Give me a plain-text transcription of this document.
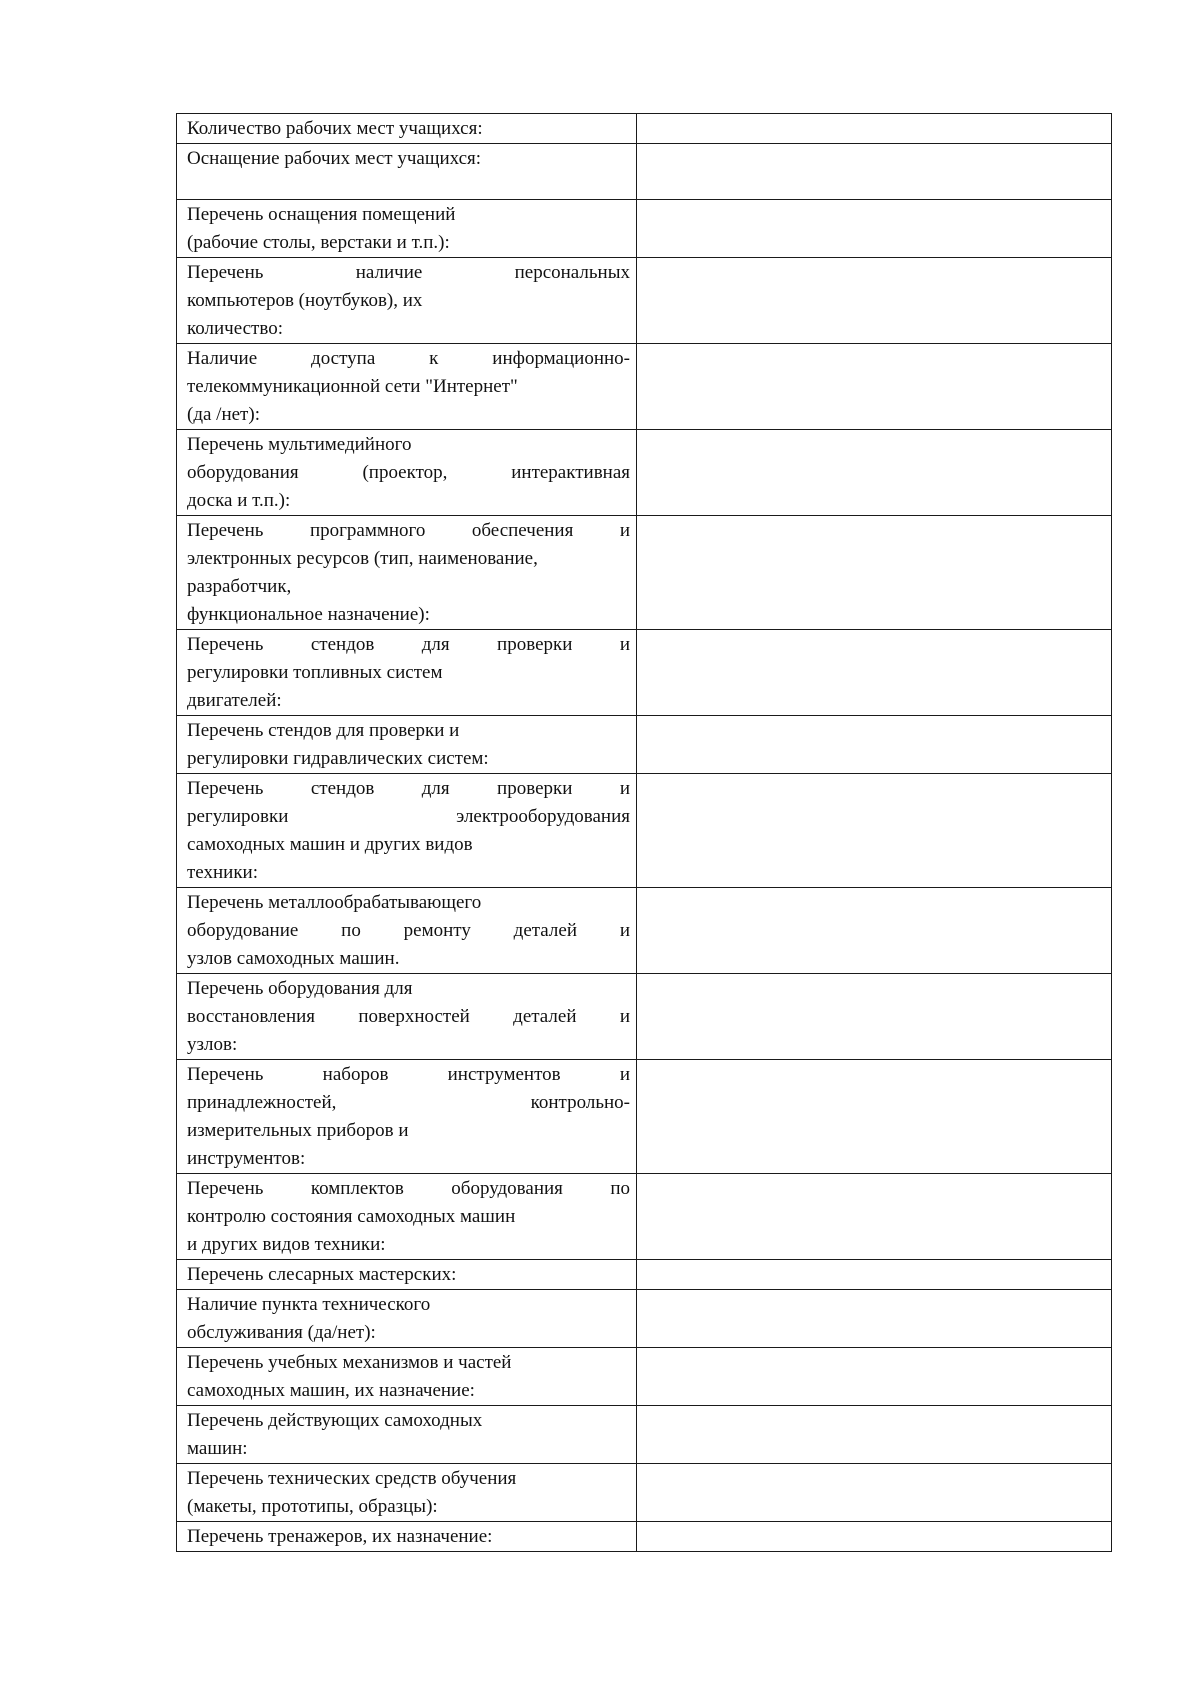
Количество рабочих мест учащихся:	

Оснащение рабочих мест учащихся:	

Перечень оснащения помещений
(рабочие столы, верстаки и т.п.):	

Перечень наличие персональных
компьютеров (ноутбуков), их
количество:	

Наличие доступа к информационно-
телекоммуникационной сети "Интернет"
(да /нет):	

Перечень мультимедийного
оборудования (проектор, интерактивная
доска и т.п.):	

Перечень программного обеспечения и
электронных ресурсов (тип, наименование,
разработчик,
функциональное назначение):	

Перечень стендов для проверки и
регулировки топливных систем
двигателей:	

Перечень стендов для проверки и
регулировки гидравлических систем:	

Перечень стендов для проверки и
регулировки электрооборудования
самоходных машин и других видов
техники:	

Перечень металлообрабатывающего
оборудование по ремонту деталей и
узлов самоходных машин.	

Перечень оборудования для
восстановления поверхностей деталей и
узлов:	

Перечень наборов инструментов и
принадлежностей, контрольно-
измерительных приборов и
инструментов:	

Перечень комплектов оборудования по
контролю состояния самоходных машин
и других видов техники:	

Перечень слесарных мастерских:	

Наличие пункта технического
обслуживания (да/нет):	

Перечень учебных механизмов и частей
самоходных машин, их назначение:	

Перечень действующих самоходных
машин:	

Перечень технических средств обучения
(макеты, прототипы, образцы):	

Перечень тренажеров, их назначение:	
